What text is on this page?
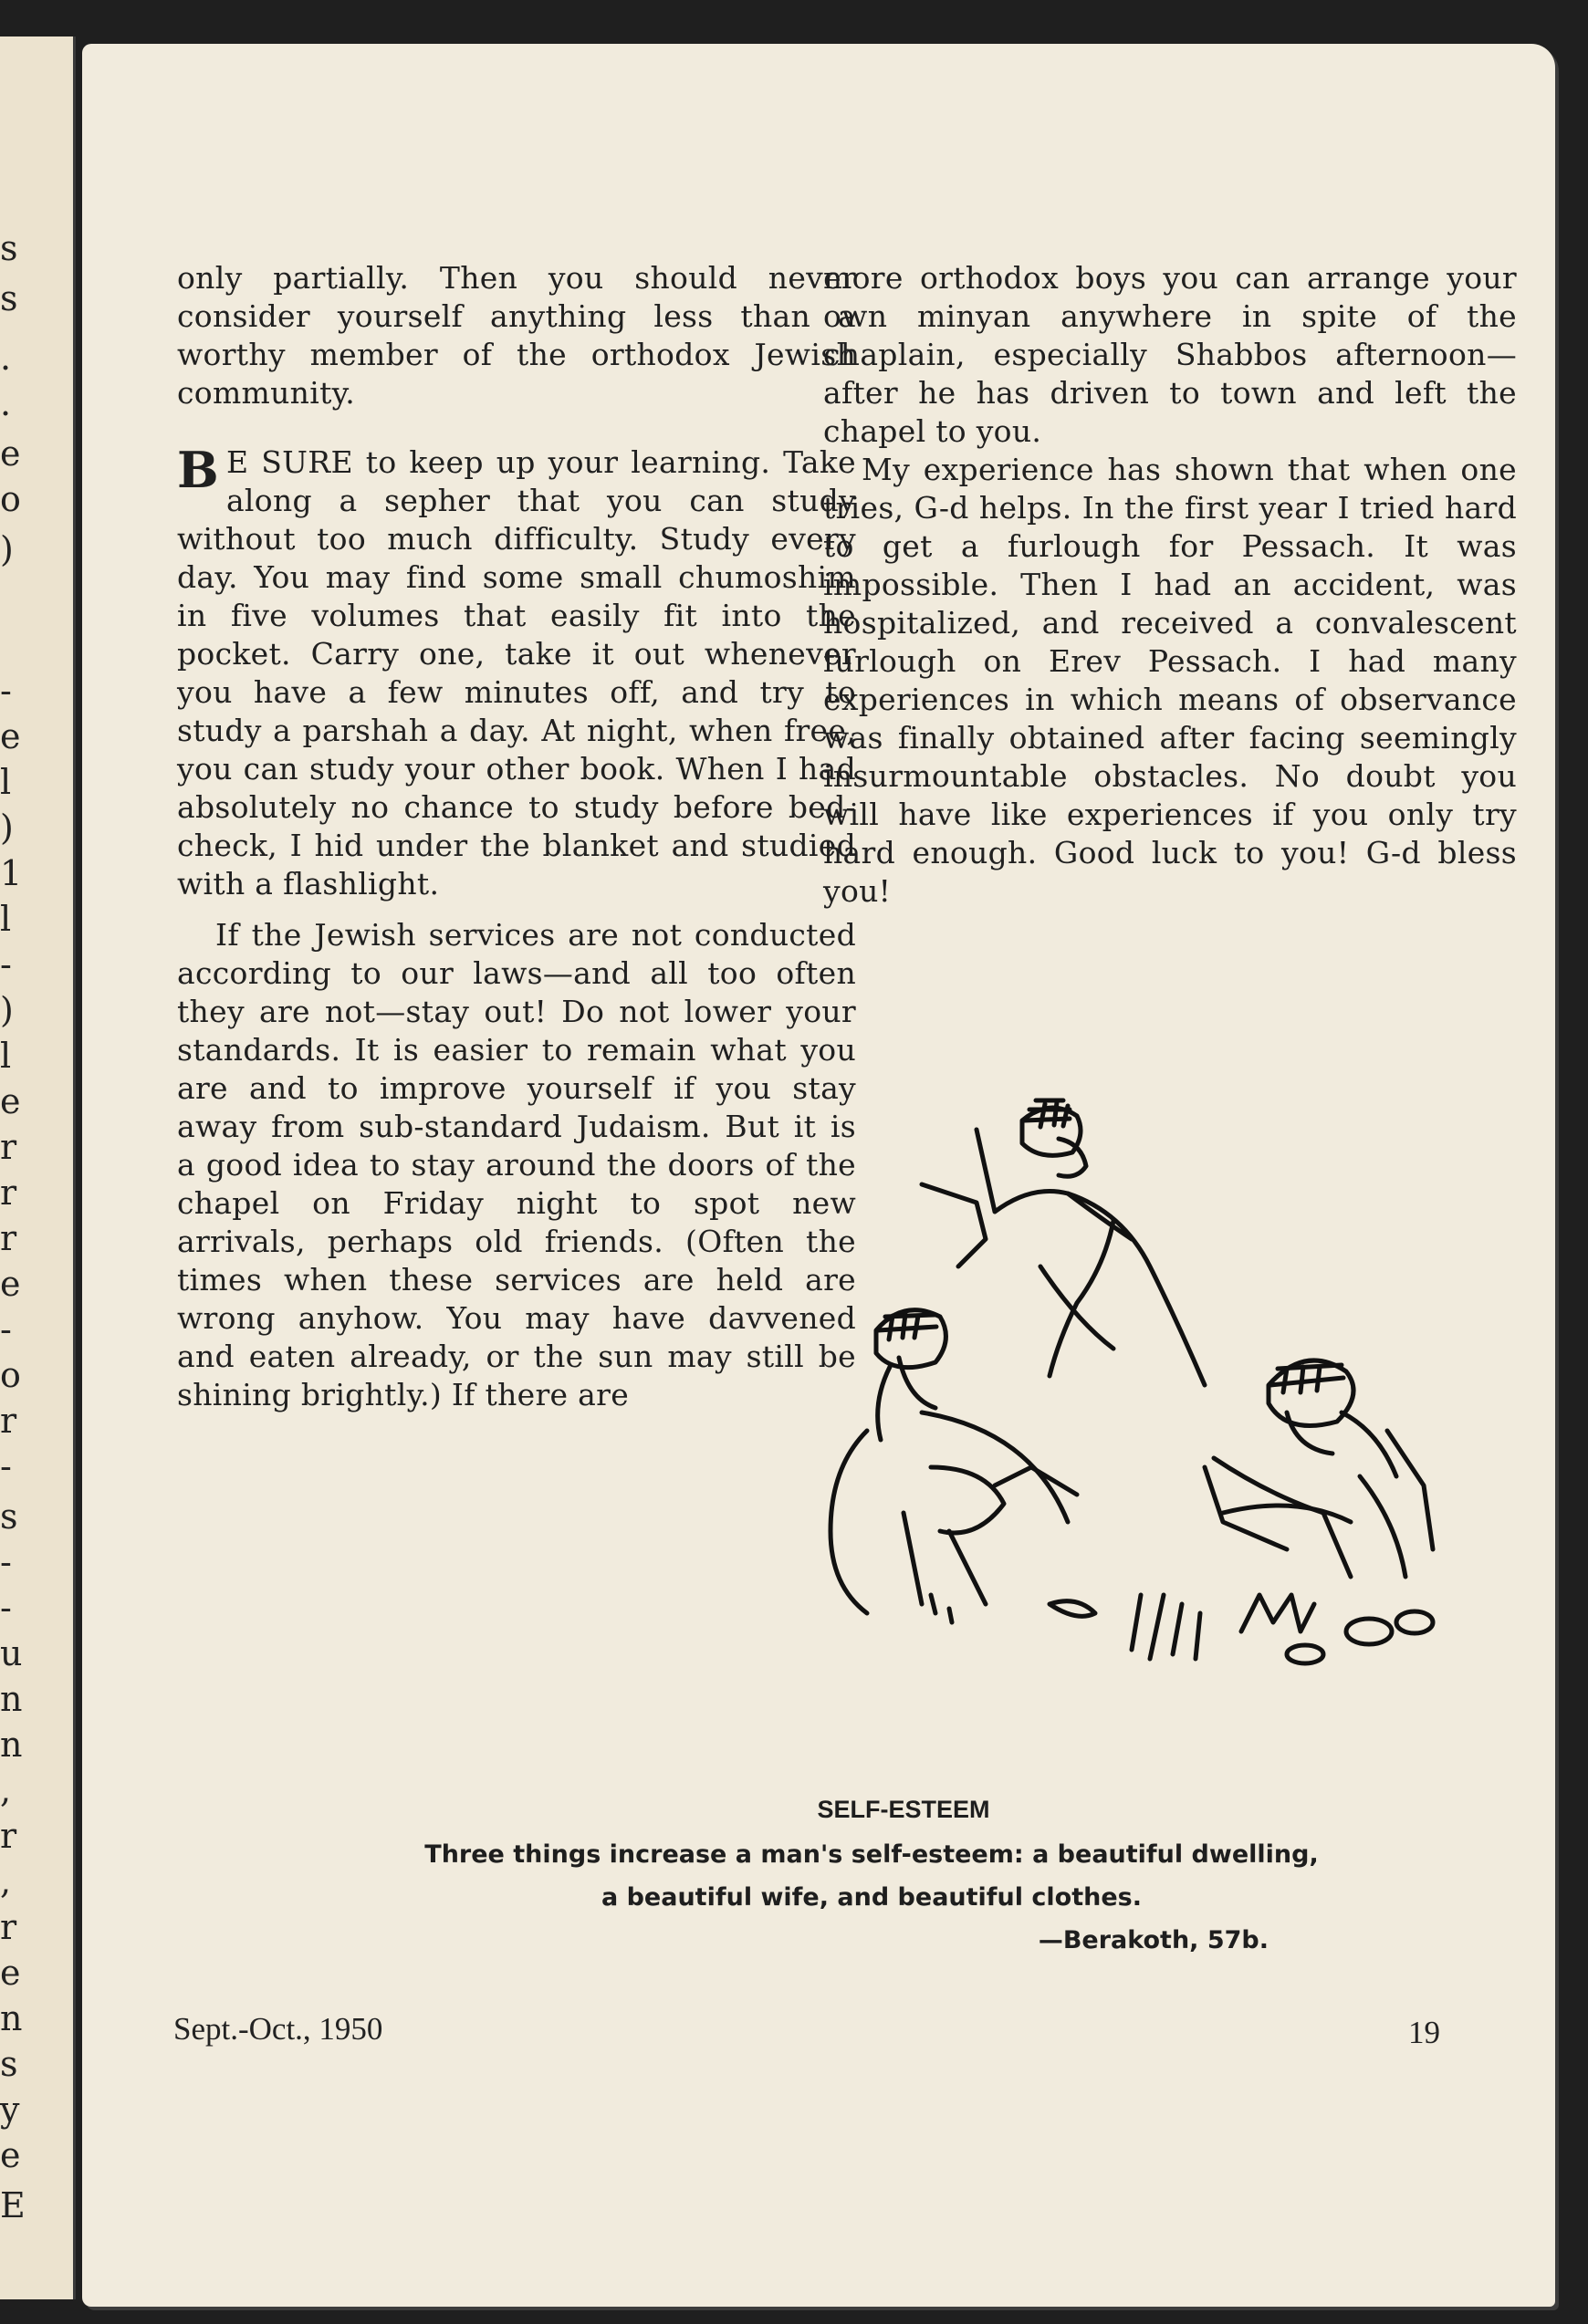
s
s
.
.
e
o
)
-
e
l
)
1
l
-
)
l
e
r
r
r
e
-
o
r
-
s
-
-
u
n
n
,
r
,
r
e
n
s
y
e
E

only partially. Then you should never consider yourself anything less than a worthy member of the orthodox Jewish community.

B E SURE to keep up your learning. Take along a sepher that you can study without too much difficulty. Study every day. You may find some small chumoshim in five volumes that easily fit into the pocket. Carry one, take it out whenever you have a few minutes off, and try to study a parshah a day. At night, when free, you can study your other book. When I had absolutely no chance to study before bed-check, I hid under the blanket and studied with a flashlight.

If the Jewish services are not conducted according to our laws—and all too often they are not—stay out! Do not lower your standards. It is easier to remain what you are and to improve yourself if you stay away from sub-standard Judaism. But it is a good idea to stay around the doors of the chapel on Friday night to spot new arrivals, perhaps old friends. (Often the times when these services are held are wrong anyhow. You may have davvened and eaten already, or the sun may still be shining brightly.) If there are

more orthodox boys you can arrange your own minyan anywhere in spite of the chaplain, especially Shabbos afternoon—after he has driven to town and left the chapel to you.

My experience has shown that when one tries, G-d helps. In the first year I tried hard to get a furlough for Pessach. It was impossible. Then I had an accident, was hospitalized, and received a convalescent furlough on Erev Pessach. I had many experiences in which means of observance was finally obtained after facing seemingly insurmountable obstacles. No doubt you will have like experiences if you only try hard enough. Good luck to you! G-d bless you!

SELF-ESTEEM
Three things increase a man's self-esteem: a beautiful dwelling, a beautiful wife, and beautiful clothes.
—Berakoth, 57b.
Sept.-Oct., 1950	19
